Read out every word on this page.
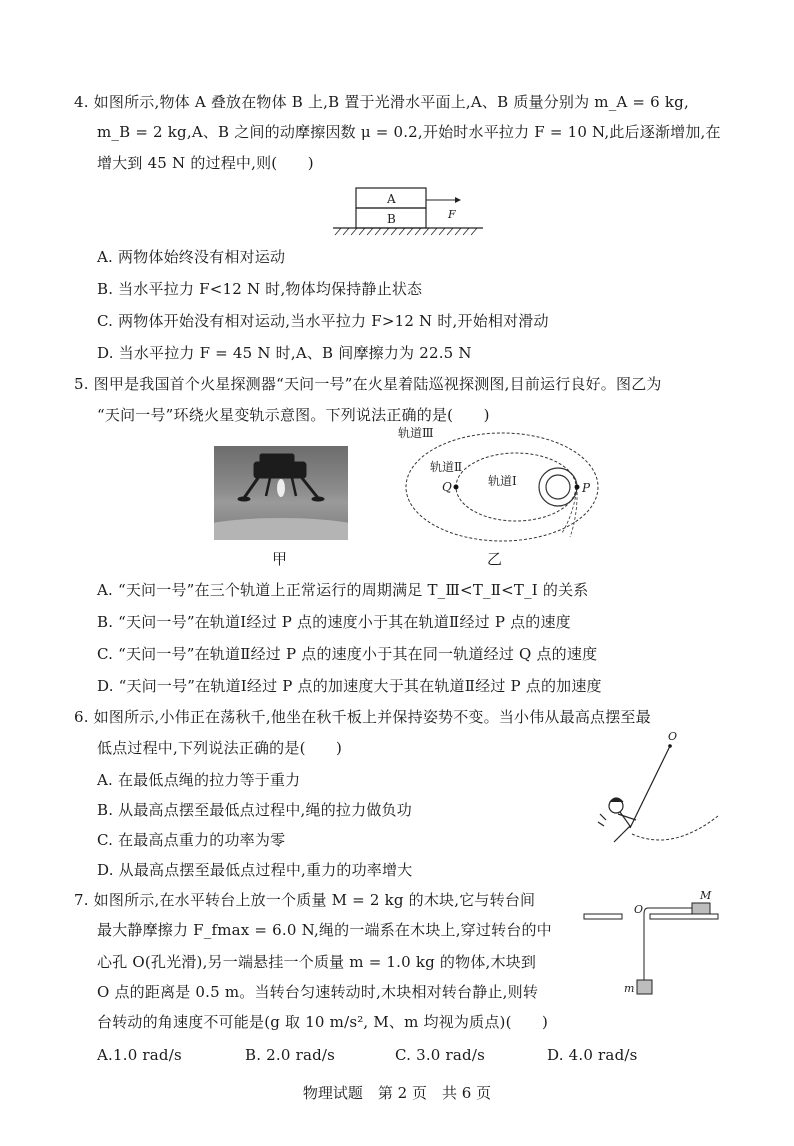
4. 如图所示,物体 A 叠放在物体 B 上,B 置于光滑水平面上,A、B 质量分别为 m_A = 6 kg,
m_B = 2 kg,A、B 之间的动摩擦因数 μ = 0.2,开始时水平拉力 F = 10 N,此后逐渐增加,在
增大到 45 N 的过程中,则(　　)
A
B	F
A. 两物体始终没有相对运动
B. 当水平拉力 F<12 N 时,物体均保持静止状态
C. 两物体开始没有相对运动,当水平拉力 F>12 N 时,开始相对滑动
D. 当水平拉力 F = 45 N 时,A、B 间摩擦力为 22.5 N
5. 图甲是我国首个火星探测器“天问一号”在火星着陆巡视探测图,目前运行良好。图乙为
“天问一号”环绕火星变轨示意图。下列说法正确的是(　　)
轨道Ⅲ
轨道Ⅱ
轨道Ⅰ
Q	P
甲	乙
A. “天问一号”在三个轨道上正常运行的周期满足 T_Ⅲ<T_Ⅱ<T_Ⅰ 的关系
B. “天问一号”在轨道Ⅰ经过 P 点的速度小于其在轨道Ⅱ经过 P 点的速度
C. “天问一号”在轨道Ⅱ经过 P 点的速度小于其在同一轨道经过 Q 点的速度
D. “天问一号”在轨道Ⅰ经过 P 点的加速度大于其在轨道Ⅱ经过 P 点的加速度
6. 如图所示,小伟正在荡秋千,他坐在秋千板上并保持姿势不变。当小伟从最高点摆至最
低点过程中,下列说法正确的是(　　)
O
A. 在最低点绳的拉力等于重力
B. 从最高点摆至最低点过程中,绳的拉力做负功
C. 在最高点重力的功率为零
D. 从最高点摆至最低点过程中,重力的功率增大
7. 如图所示,在水平转台上放一个质量 M = 2 kg 的木块,它与转台间
最大静摩擦力 F_fmax = 6.0 N,绳的一端系在木块上,穿过转台的中
心孔 O(孔光滑),另一端悬挂一个质量 m = 1.0 kg 的物体,木块到
O 点的距离是 0.5 m。当转台匀速转动时,木块相对转台静止,则转
台转动的角速度不可能是(g 取 10 m/s², M、m 均视为质点)(　　)
M
O
m
A.1.0 rad/s	B. 2.0 rad/s	C. 3.0 rad/s	D. 4.0 rad/s
物理试题　第 2 页　共 6 页
